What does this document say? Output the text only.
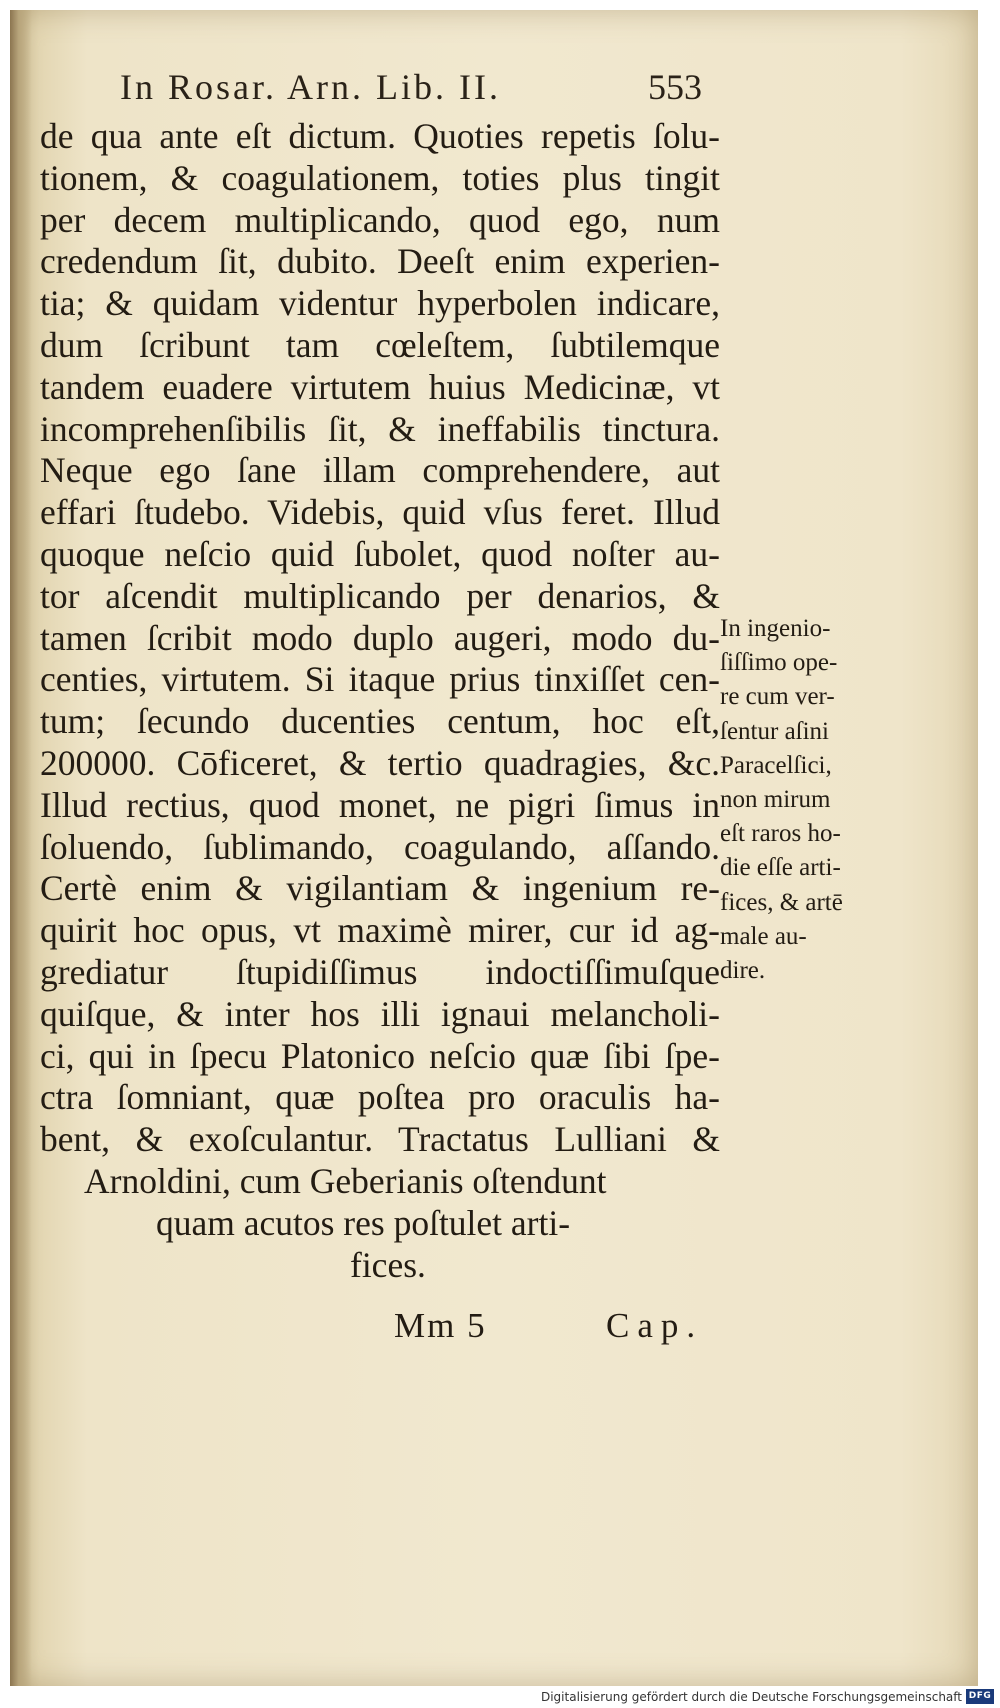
In Rosar. Arn. Lib. II.	553
de qua ante eſt dictum. Quoties repetis ſolu-
tionem, & coagulationem, toties plus tingit
per decem multiplicando, quod ego, num
credendum ſit, dubito. Deeſt enim experien-
tia; & quidam videntur hyperbolen indicare,
dum ſcribunt tam cœleſtem, ſubtilemque
tandem euadere virtutem huius Medicinæ, vt
incomprehenſibilis ſit, & ineffabilis tinctura.
Neque ego ſane illam comprehendere, aut
effari ſtudebo. Videbis, quid vſus feret. Illud
quoque neſcio quid ſubolet, quod noſter au-
tor aſcendit multiplicando per denarios, &
tamen ſcribit modo duplo augeri, modo du-
centies, virtutem. Si itaque prius tinxiſſet cen-
tum; ſecundo ducenties centum, hoc eſt,
200000. Cōficeret, & tertio quadragies, &c.
Illud rectius, quod monet, ne pigri ſimus in
ſoluendo, ſublimando, coagulando, aſſando.
Certè enim & vigilantiam & ingenium re-
quirit hoc opus, vt maximè mirer, cur id ag-
grediatur ſtupidiſſimus indoctiſſimuſque
quiſque, & inter hos illi ignaui melancholi-
ci, qui in ſpecu Platonico neſcio quæ ſibi ſpe-
ctra ſomniant, quæ poſtea pro oraculis ha-
bent, & exoſculantur. Tractatus Lulliani &
Arnoldini, cum Geberianis oſtendunt
quam acutos res poſtulet arti-
fices.
Mm 5	Cap.
In ingenio-
ſiſſimo ope-
re cum ver-
ſentur aſini
Paracelſici,
non mirum
eſt raros ho-
die eſſe arti-
fices, & artē
male au-
dire.
Digitalisierung gefördert durch die Deutsche Forschungsgemeinschaft DFG
